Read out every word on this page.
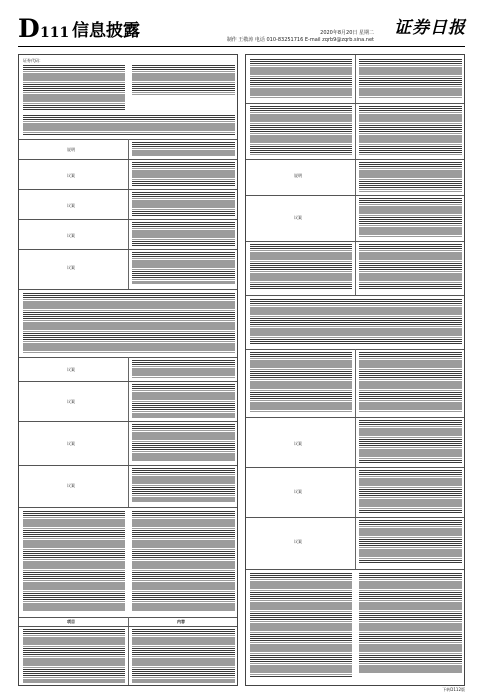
D 111 信息披露	2020年8月20日 星期二
制作 王敬涛 电话 010-83251716 E-mail zqrb9@zqrb.sina.net
证券日报
证券代码：
说明
议案
议案
议案
议案
议案
议案
议案
议案
项目	内容
说明
议案
议案
议案
议案
下转D112版
